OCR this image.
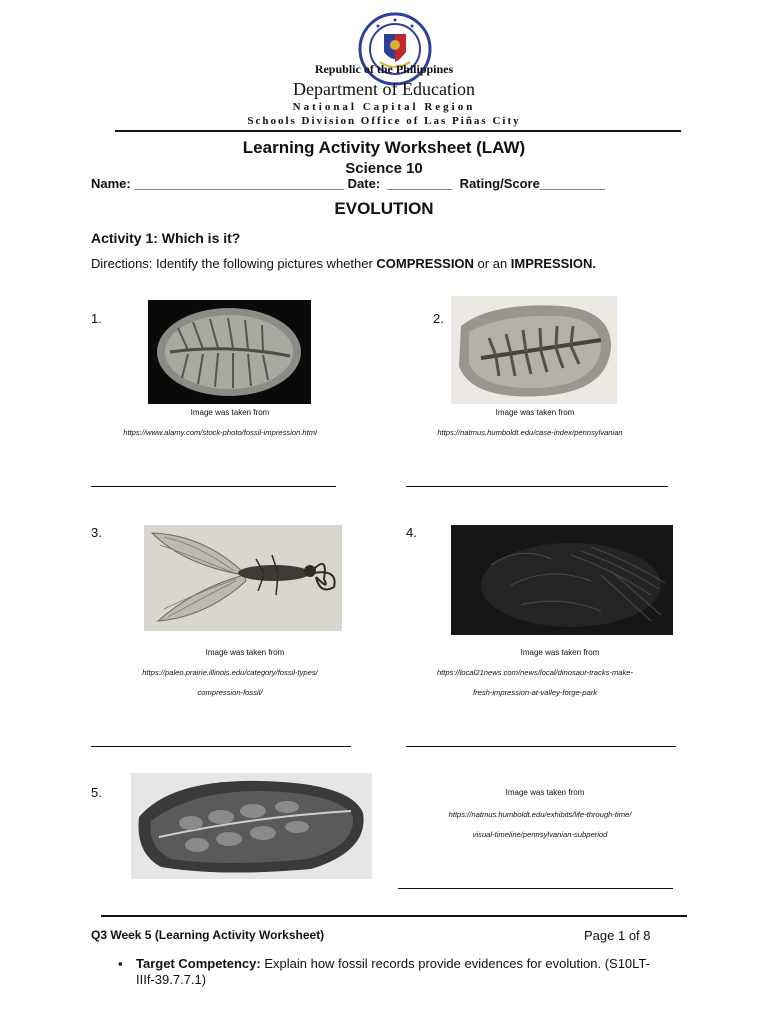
Republic of the Philippines
Department of Education
National Capital Region
Schools Division Office of Las Piñas City
Learning Activity Worksheet (LAW)
Science 10
Name: _____________________________ Date:  _________  Rating/Score_________
EVOLUTION
Activity 1: Which is it?
Directions: Identify the following pictures whether COMPRESSION or an IMPRESSION.
1.
Image was taken from
https://www.alamy.com/stock-photo/fossil-impression.html
2.
Image was taken from
https://natmus.humboldt.edu/case-index/pennsylvanian
3.
Image was taken from
https://paleo.prairie.illinois.edu/category/fossil-types/
compression-fossil/
4.
Image was taken from
https://local21news.com/news/local/dinosaur-tracks-make-
fresh-impression-at-valley-forge-park
5.	Image was taken from
https://natmus.humboldt.edu/exhibits/life-through-time/
visual-timeline/pennsylvanian-subperiod
Q3 Week 5 (Learning Activity Worksheet)	Page 1 of 8
▪ Target Competency: Explain how fossil records provide evidences for evolution. (S10LT-IIIf-39.7.7.1)
